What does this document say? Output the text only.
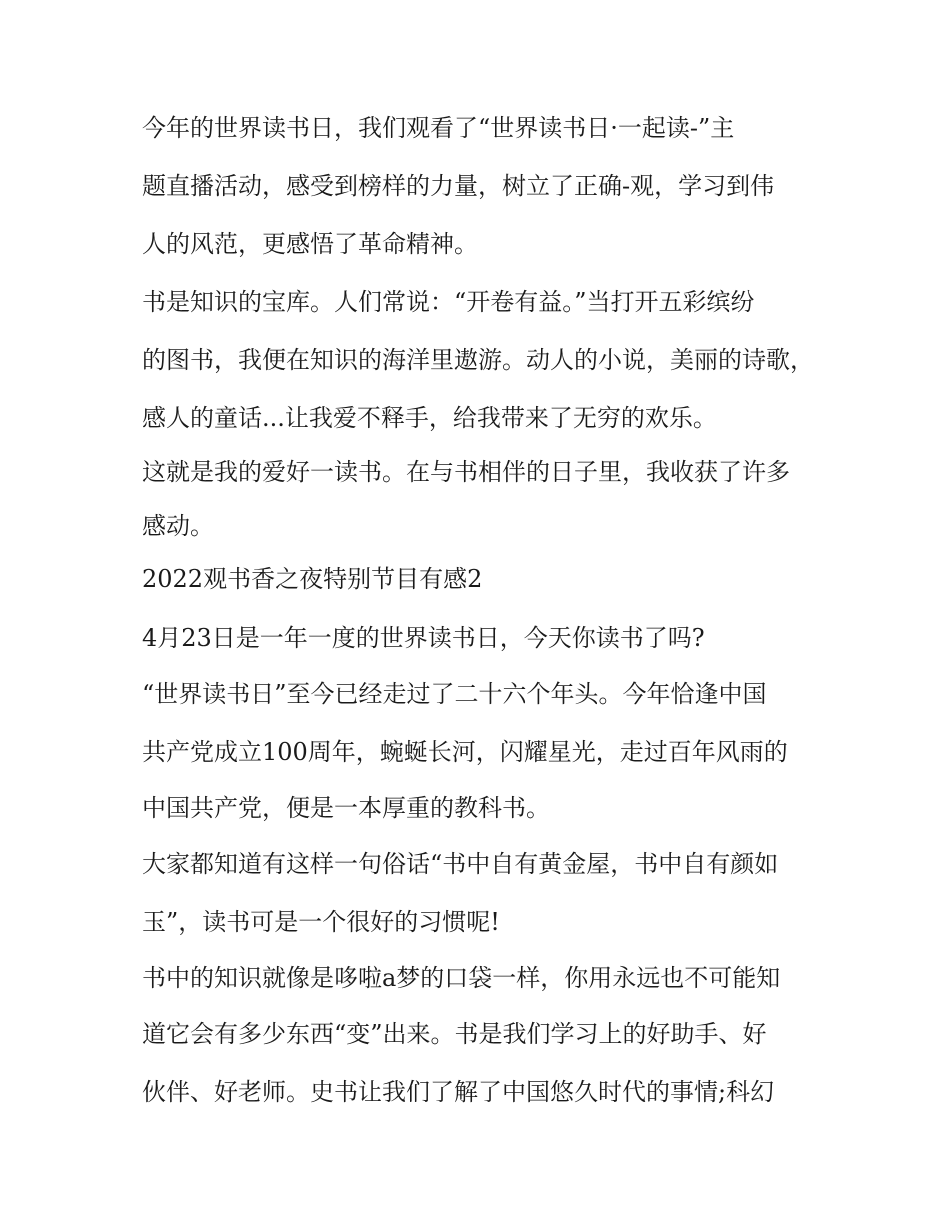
今年的世界读书日，我们观看了“世界读书日·一起读-”主

题直播活动，感受到榜样的力量，树立了正确-观，学习到伟

人的风范，更感悟了革命精神。

书是知识的宝库。人们常说：“开卷有益。”当打开五彩缤纷

的图书，我便在知识的海洋里遨游。动人的小说，美丽的诗歌，

感人的童话...让我爱不释手，给我带来了无穷的欢乐。

这就是我的爱好一读书。在与书相伴的日子里，我收获了许多

感动。

2022观书香之夜特别节目有感2

4月23日是一年一度的世界读书日，今天你读书了吗?

“世界读书日”至今已经走过了二十六个年头。今年恰逢中国

共产党成立100周年，蜿蜒长河，闪耀星光，走过百年风雨的

中国共产党，便是一本厚重的教科书。

大家都知道有这样一句俗话“书中自有黄金屋，书中自有颜如

玉”，读书可是一个很好的习惯呢!

书中的知识就像是哆啦a梦的口袋一样，你用永远也不可能知

道它会有多少东西“变”出来。书是我们学习上的好助手、好

伙伴、好老师。史书让我们了解了中国悠久时代的事情;科幻
